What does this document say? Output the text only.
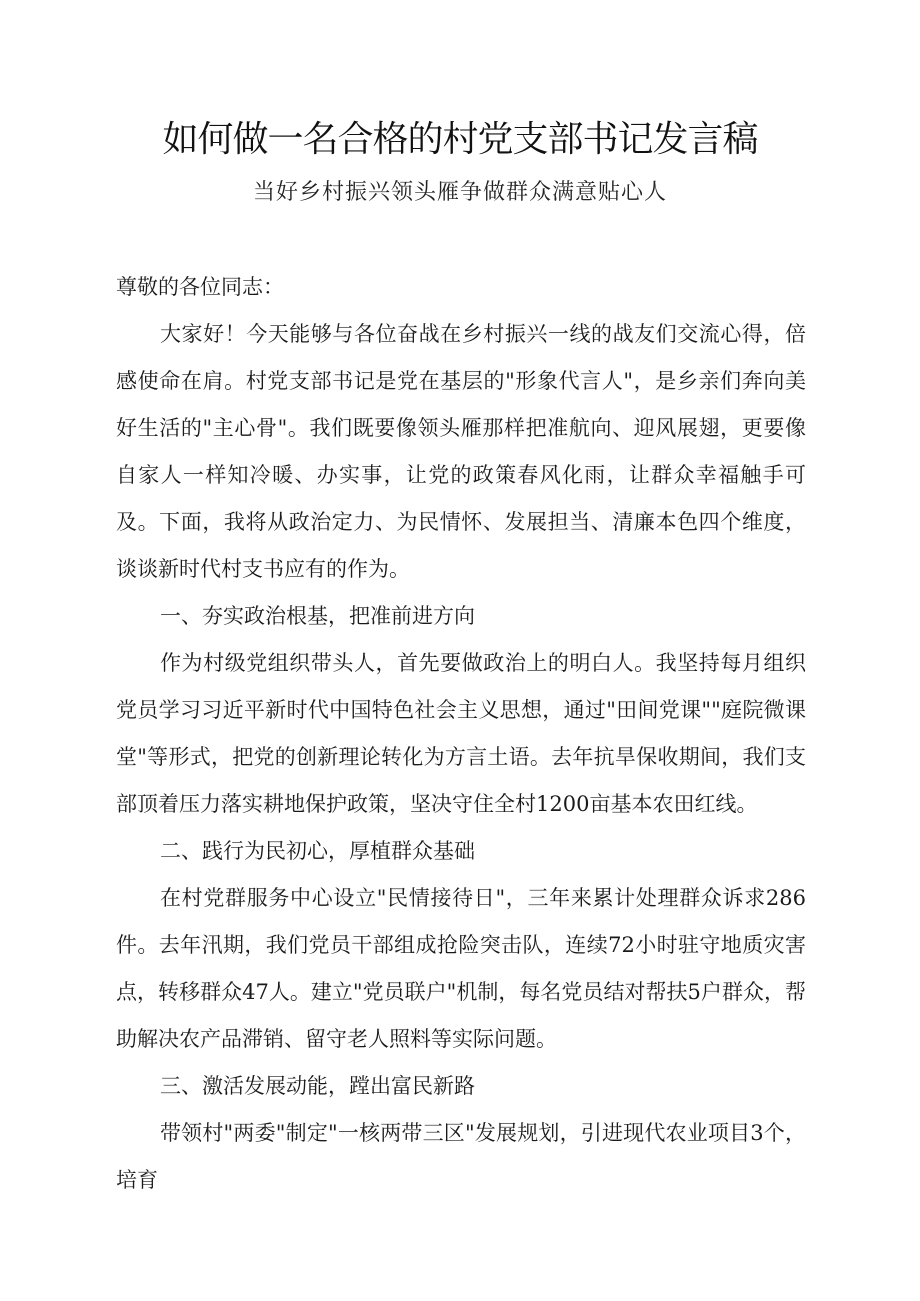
如何做一名合格的村党支部书记发言稿

当好乡村振兴领头雁争做群众满意贴心人

尊敬的各位同志：

大家好！今天能够与各位奋战在乡村振兴一线的战友们交流心得，倍感使命在肩。村党支部书记是党在基层的"形象代言人"，是乡亲们奔向美好生活的"主心骨"。我们既要像领头雁那样把准航向、迎风展翅，更要像自家人一样知冷暖、办实事，让党的政策春风化雨，让群众幸福触手可及。下面，我将从政治定力、为民情怀、发展担当、清廉本色四个维度，谈谈新时代村支书应有的作为。

一、夯实政治根基，把准前进方向

作为村级党组织带头人，首先要做政治上的明白人。我坚持每月组织党员学习习近平新时代中国特色社会主义思想，通过"田间党课""庭院微课堂"等形式，把党的创新理论转化为方言土语。去年抗旱保收期间，我们支部顶着压力落实耕地保护政策，坚决守住全村1200亩基本农田红线。

二、践行为民初心，厚植群众基础

在村党群服务中心设立"民情接待日"，三年来累计处理群众诉求286件。去年汛期，我们党员干部组成抢险突击队，连续72小时驻守地质灾害点，转移群众47人。建立"党员联户"机制，每名党员结对帮扶5户群众，帮助解决农产品滞销、留守老人照料等实际问题。

三、激活发展动能，蹚出富民新路

带领村"两委"制定"一核两带三区"发展规划，引进现代农业项目3个，培育
